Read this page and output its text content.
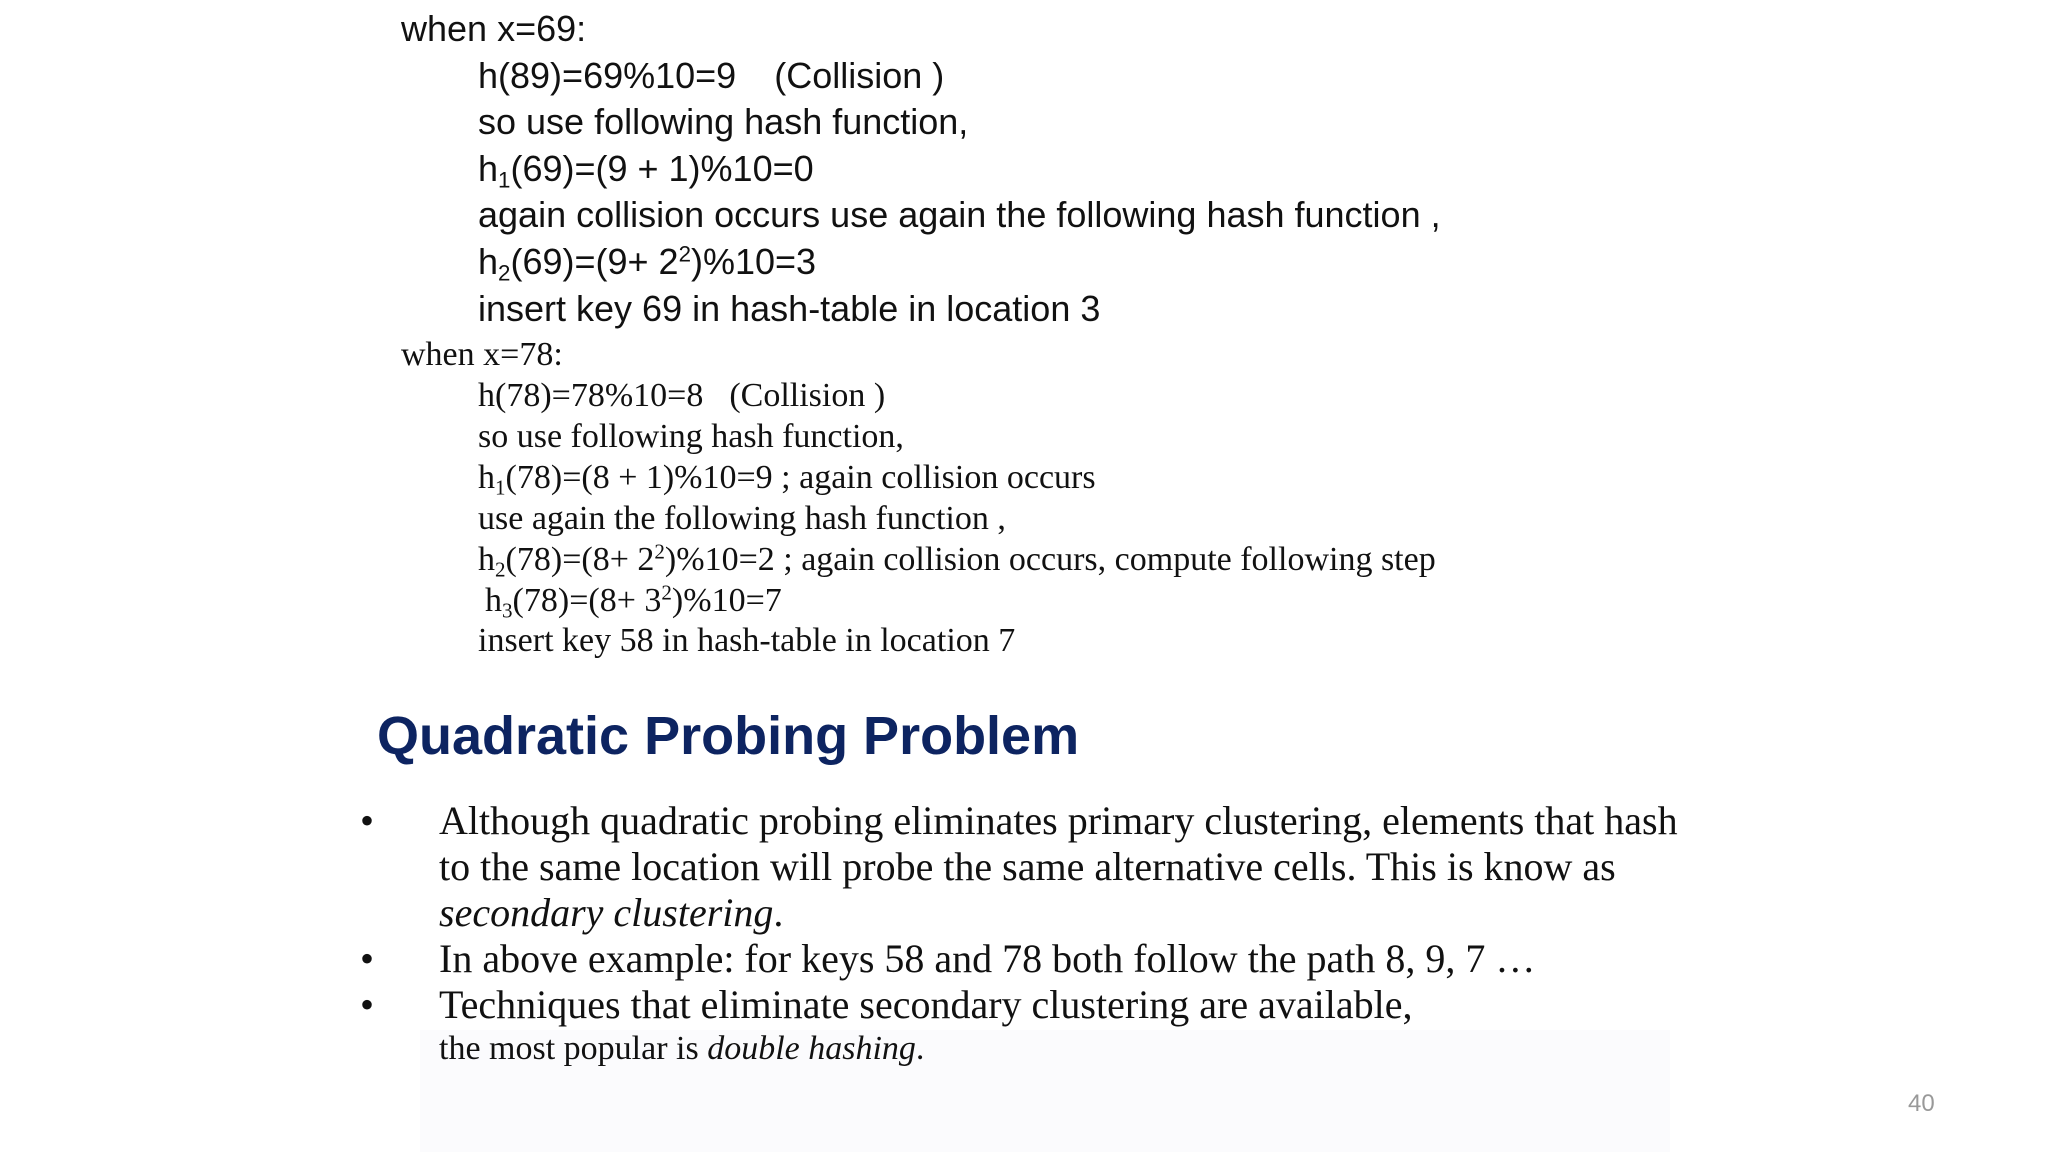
when x=69:
h(89)=69%10=9 (Collision )
so use following hash function,
$h_1(69)=(9 + 1)\%10=0$
again collision occurs use again the following hash function ,
$h_2(69)=(9+ 2^2)\%10=3$
insert key 69 in hash-table in location 3
when x=78:
h(78)=78%10=8 (Collision )
so use following hash function,
$h_1(78)=(8 + 1)\%10=9$ ; again collision occurs
use again the following hash function ,
$h_2(78)=(8+ 2^2)\%10=2$ ; again collision occurs, compute following step
$h_3(78)=(8+ 3^2)\%10=7$
insert key 58 in hash-table in location 7
Quadratic Probing Problem
• Although quadratic probing eliminates primary clustering, elements that hash
to the same location will probe the same alternative cells. This is know as
secondary clustering.
• In above example: for keys 58 and 78 both follow the path 8, 9, 7 …
• Techniques that eliminate secondary clustering are available,
the most popular is double hashing.
40
